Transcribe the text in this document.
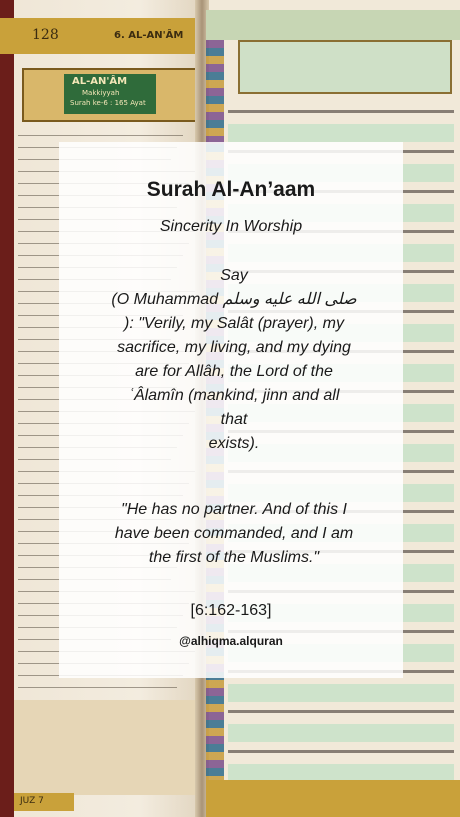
128	6. AL-AN'ÂM
AL-AN'ÂM
Makkiyyah
Surah ke-6 : 165 Ayat
JUZ 7
Surah Al-An’aam
Sincerity In Worship
Say
(O Muhammad صلى الله عليه وسلم
): "Verily, my Salât (prayer), my
sacrifice, my living, and my dying
are for Allâh, the Lord of the
ʿÂlamîn (mankind, jinn and all
that
exists).
"He has no partner. And of this I
have been commanded, and I am
the first of the Muslims."
[6:162-163]
@alhiqma.alquran
